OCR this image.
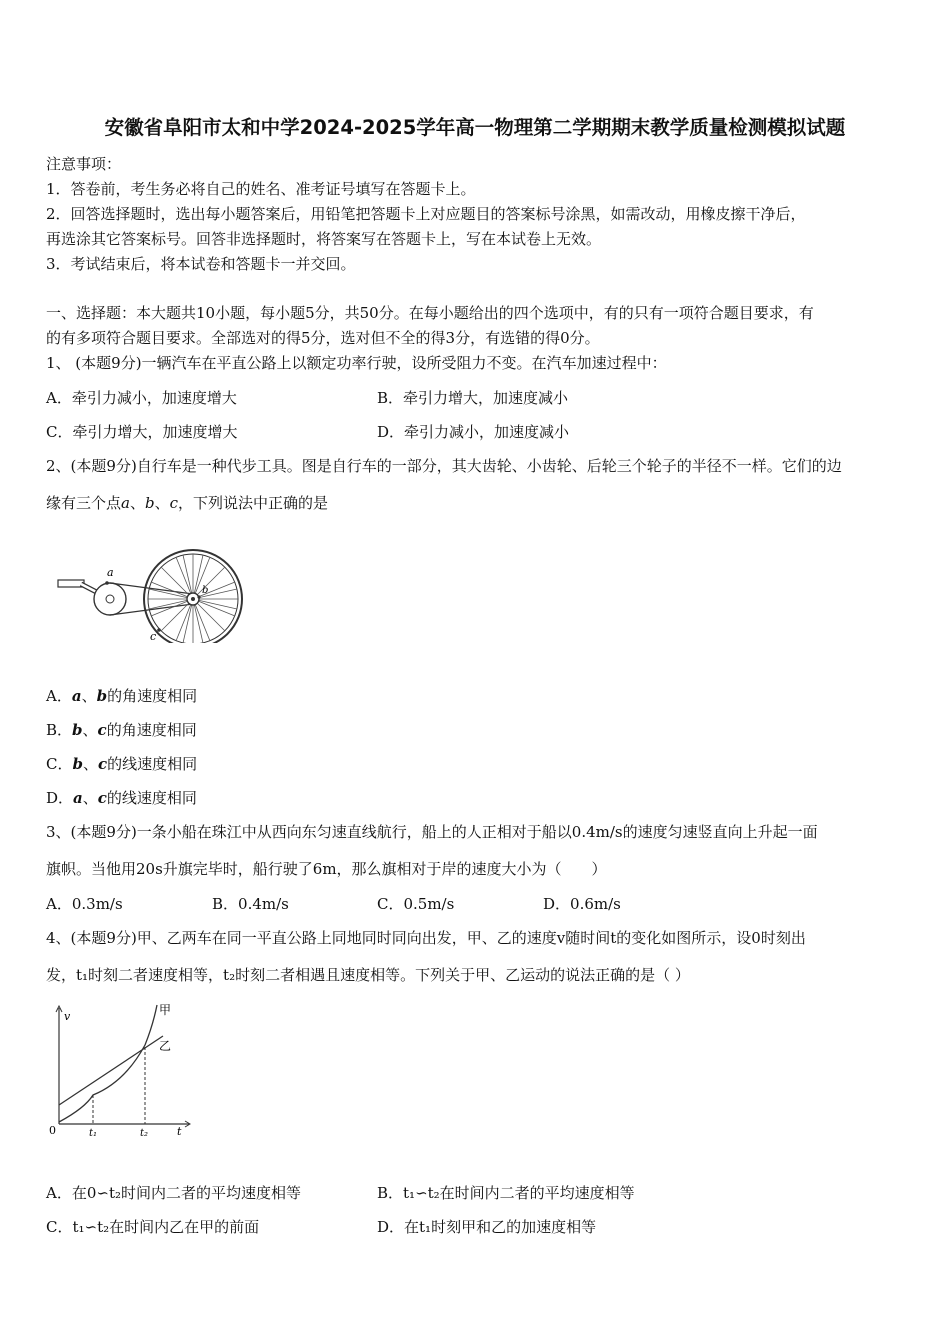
安徽省阜阳市太和中学2024-2025学年高一物理第二学期期末教学质量检测模拟试题
注意事项：
1．答卷前，考生务必将自己的姓名、准考证号填写在答题卡上。
2．回答选择题时，选出每小题答案后，用铅笔把答题卡上对应题目的答案标号涂黑，如需改动，用橡皮擦干净后，
再选涂其它答案标号。回答非选择题时，将答案写在答题卡上，写在本试卷上无效。
3．考试结束后，将本试卷和答题卡一并交回。
一、选择题：本大题共10小题，每小题5分，共50分。在每小题给出的四个选项中，有的只有一项符合题目要求，有
的有多项符合题目要求。全部选对的得5分，选对但不全的得3分，有选错的得0分。
1、 (本题9分)一辆汽车在平直公路上以额定功率行驶，设所受阻力不变。在汽车加速过程中：
A．牵引力减小，加速度增大	B．牵引力增大，加速度减小
C．牵引力增大，加速度增大	D．牵引力减小，加速度减小
2、(本题9分)自行车是一种代步工具。图是自行车的一部分，其大齿轮、小齿轮、后轮三个轮子的半径不一样。它们的边
缘有三个点a、b、c，下列说法中正确的是
a
b
c
A．a、b的角速度相同
B．b、c的角速度相同
C．b、c的线速度相同
D．a、c的线速度相同
3、(本题9分)一条小船在珠江中从西向东匀速直线航行，船上的人正相对于船以0.4m/s的速度匀速竖直向上升起一面
旗帜。当他用20s升旗完毕时，船行驶了6m，那么旗相对于岸的速度大小为（　　）
A．0.3m/s	B．0.4m/s	C．0.5m/s	D．0.6m/s
4、(本题9分)甲、乙两车在同一平直公路上同地同时同向出发，甲、乙的速度v随时间t的变化如图所示，设0时刻出
发，t₁时刻二者速度相等，t₂时刻二者相遇且速度相等。下列关于甲、乙运动的说法正确的是（ ）
v
0	t
t₁	t₂
甲
乙
A．在0∽t₂时间内二者的平均速度相等	B．t₁∽t₂在时间内二者的平均速度相等
C．t₁∽t₂在时间内乙在甲的前面	D．在t₁时刻甲和乙的加速度相等
